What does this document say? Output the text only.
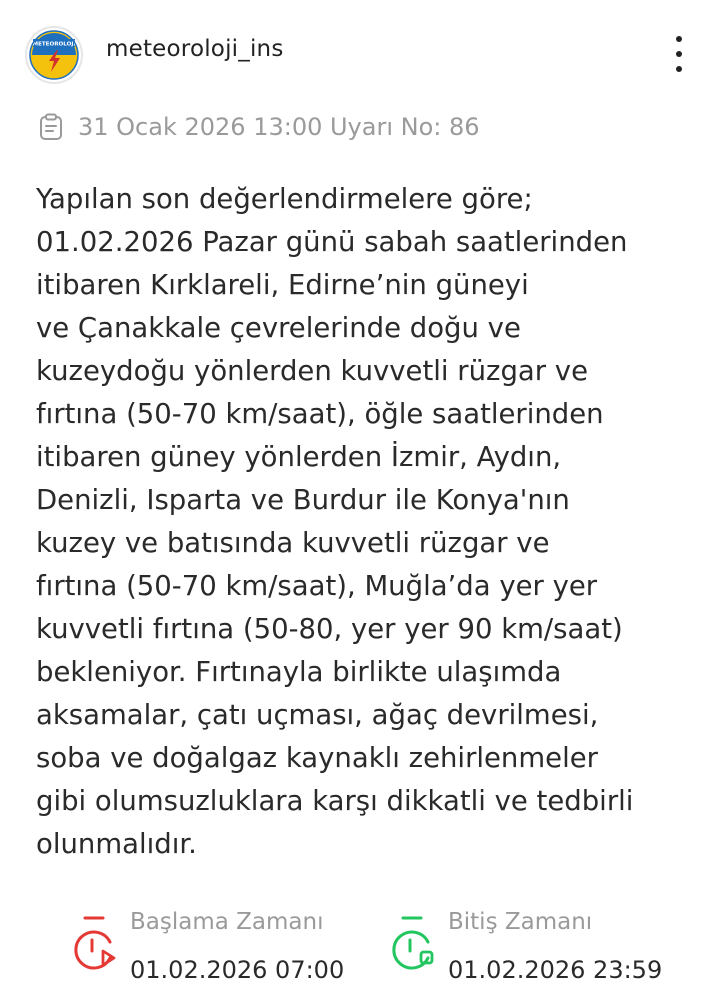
METEOROLOJİ meteoroloji_ins
31 Ocak 2026 13:00 Uyarı No: 86
Yapılan son değerlendirmelere göre;
01.02.2026 Pazar günü sabah saatlerinden
itibaren Kırklareli, Edirne’nin güneyi
ve Çanakkale çevrelerinde doğu ve
kuzeydoğu yönlerden kuvvetli rüzgar ve
fırtına (50-70 km/saat), öğle saatlerinden
itibaren güney yönlerden İzmir, Aydın,
Denizli, Isparta ve Burdur ile Konya'nın
kuzey ve batısında kuvvetli rüzgar ve
fırtına (50-70 km/saat), Muğla’da yer yer
kuvvetli fırtına (50-80, yer yer 90 km/saat)
bekleniyor. Fırtınayla birlikte ulaşımda
aksamalar, çatı uçması, ağaç devrilmesi,
soba ve doğalgaz kaynaklı zehirlenmeler
gibi olumsuzluklara karşı dikkatli ve tedbirli
olunmalıdır.
Başlama Zamanı
01.02.2026 07:00
Bitiş Zamanı
01.02.2026 23:59
